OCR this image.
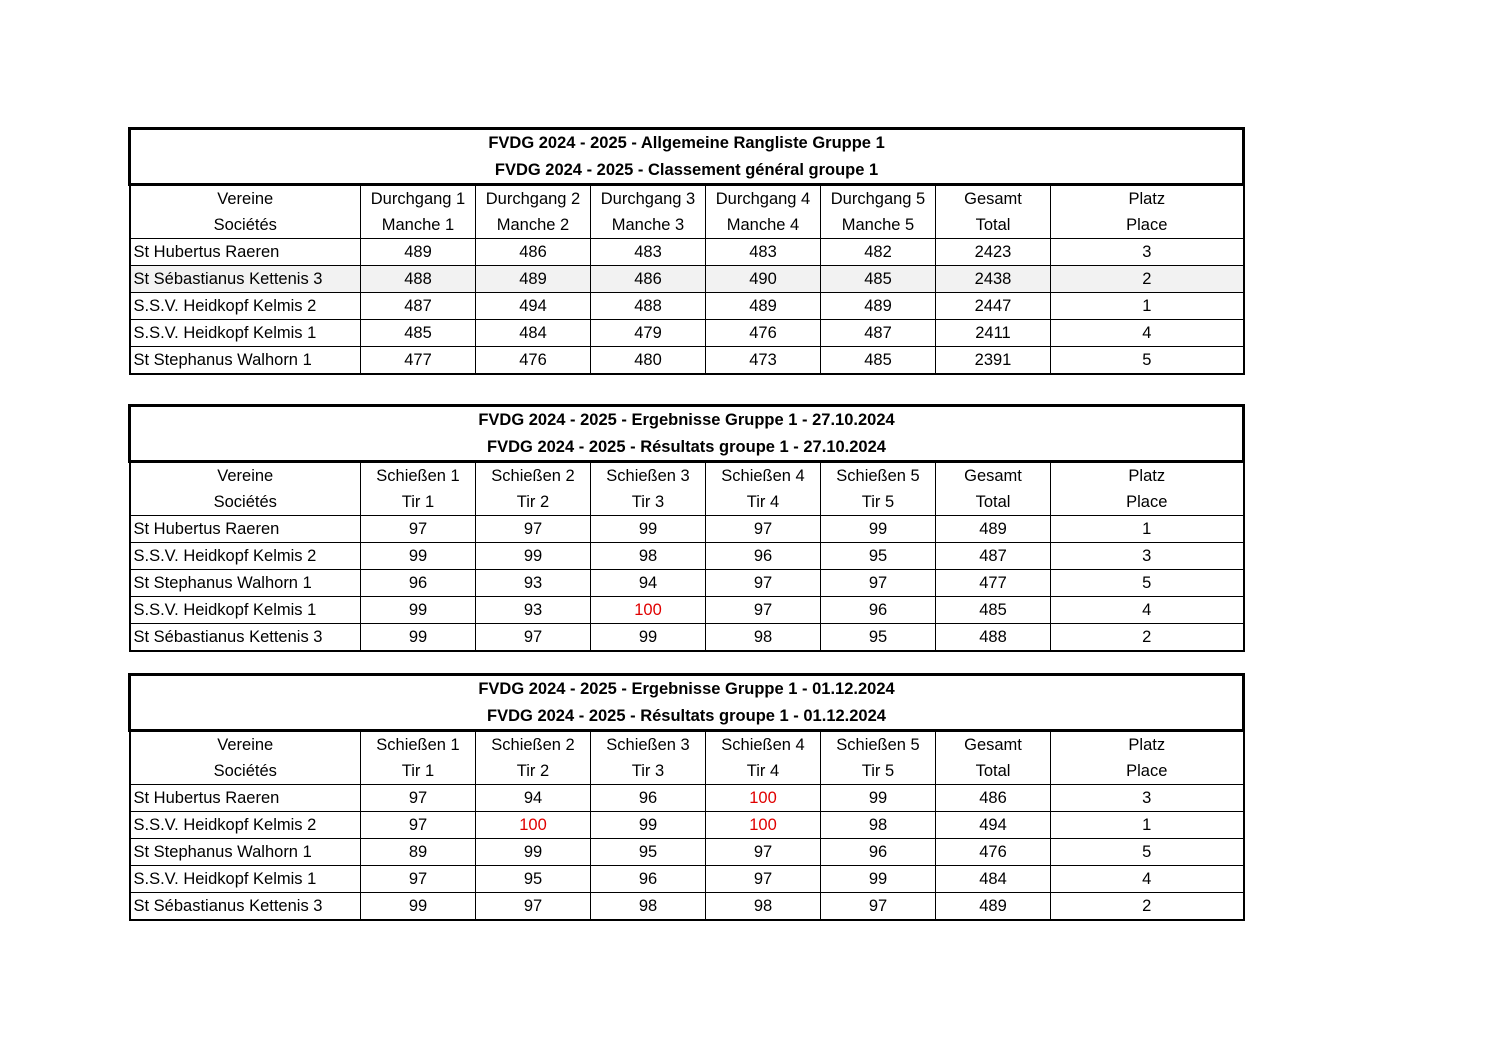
FVDG 2024 - 2025 - Allgemeine Rangliste Gruppe 1							
FVDG 2024 - 2025 - Classement général groupe 1							
Vereine	Durchgang 1	Durchgang 2	Durchgang 3	Durchgang 4	Durchgang 5	Gesamt	Platz
Sociétés	Manche 1	Manche 2	Manche 3	Manche 4	Manche 5	Total	Place
St Hubertus Raeren	489	486	483	483	482	2423	3
St Sébastianus Kettenis 3	488	489	486	490	485	2438	2
S.S.V. Heidkopf Kelmis 2	487	494	488	489	489	2447	1
S.S.V. Heidkopf Kelmis 1	485	484	479	476	487	2411	4
St Stephanus Walhorn 1	477	476	480	473	485	2391	5
FVDG 2024 - 2025 - Ergebnisse Gruppe 1 - 27.10.2024							
FVDG 2024 - 2025 - Résultats groupe 1 - 27.10.2024							
Vereine	Schießen 1	Schießen 2	Schießen 3	Schießen 4	Schießen 5	Gesamt	Platz
Sociétés	Tir 1	Tir 2	Tir 3	Tir 4	Tir 5	Total	Place
St Hubertus Raeren	97	97	99	97	99	489	1
S.S.V. Heidkopf Kelmis 2	99	99	98	96	95	487	3
St Stephanus Walhorn 1	96	93	94	97	97	477	5
S.S.V. Heidkopf Kelmis 1	99	93	100	97	96	485	4
St Sébastianus Kettenis 3	99	97	99	98	95	488	2
FVDG 2024 - 2025 - Ergebnisse Gruppe 1 - 01.12.2024							
FVDG 2024 - 2025 - Résultats groupe 1 - 01.12.2024							
Vereine	Schießen 1	Schießen 2	Schießen 3	Schießen 4	Schießen 5	Gesamt	Platz
Sociétés	Tir 1	Tir 2	Tir 3	Tir 4	Tir 5	Total	Place
St Hubertus Raeren	97	94	96	100	99	486	3
S.S.V. Heidkopf Kelmis 2	97	100	99	100	98	494	1
St Stephanus Walhorn 1	89	99	95	97	96	476	5
S.S.V. Heidkopf Kelmis 1	97	95	96	97	99	484	4
St Sébastianus Kettenis 3	99	97	98	98	97	489	2
